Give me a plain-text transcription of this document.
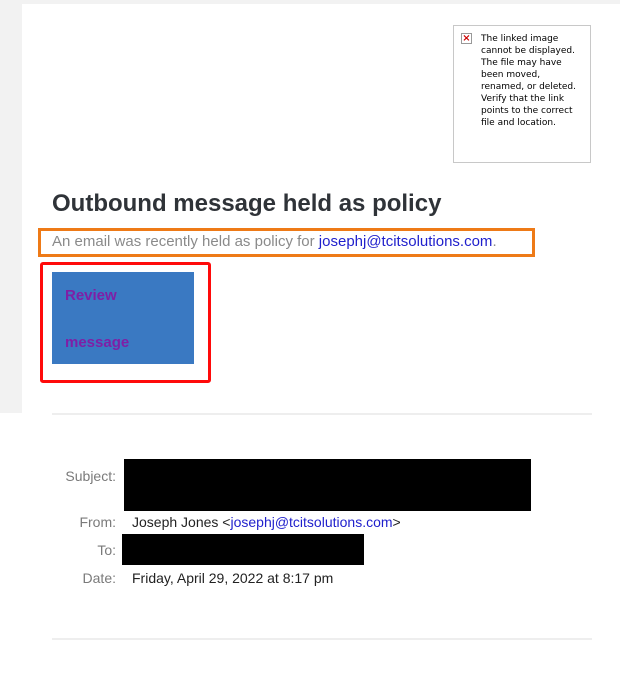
× The linked image cannot be displayed. The file may have been moved, renamed, or deleted. Verify that the link points to the correct file and location.
Outbound message held as policy
An email was recently held as policy for josephj@tcitsolutions.com.
Review
message
Subject:
From: Joseph Jones <josephj@tcitsolutions.com>
To:
Date: Friday, April 29, 2022 at 8:17 pm
